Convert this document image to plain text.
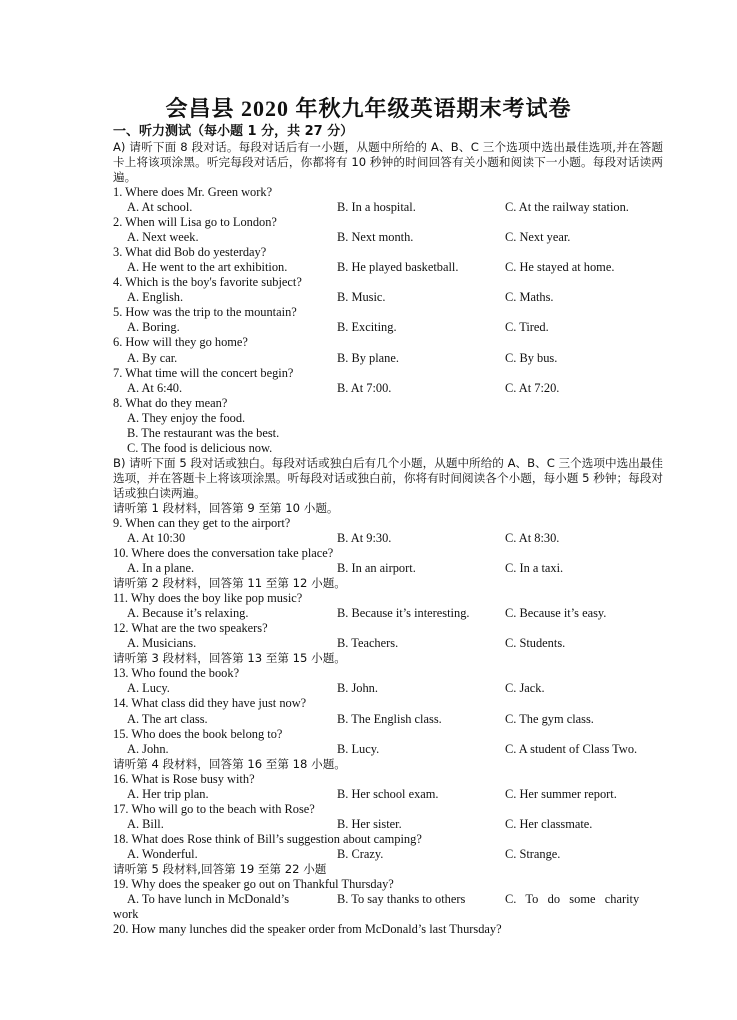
会昌县 2020 年秋九年级英语期末考试卷
一、听力测试（每小题 1 分，共 27 分）
A) 请听下面 8 段对话。每段对话后有一小题，从题中所给的 A、B、C 三个选项中选出最佳选项,并在答题卡上将该项涂黑。听完每段对话后，你都将有 10 秒钟的时间回答有关小题和阅读下一小题。每段对话读两遍。
1. Where does Mr. Green work?
A. At school.	B. In a hospital.	C. At the railway station.
2. When will Lisa go to London?
A. Next week.	B. Next month.	C. Next year.
3. What did Bob do yesterday?
A. He went to the art exhibition.	B. He played basketball.	C. He stayed at home.
4. Which is the boy's favorite subject?
A. English.	B. Music.	C. Maths.
5. How was the trip to the mountain?
A. Boring.	B. Exciting.	C. Tired.
6. How will they go home?
A. By car.	B. By plane.	C. By bus.
7. What time will the concert begin?
A. At 6:40.	B. At 7:00.	C. At 7:20.
8. What do they mean?
A. They enjoy the food.
B. The restaurant was the best.
C. The food is delicious now.
B) 请听下面 5 段对话或独白。每段对话或独白后有几个小题，从题中所给的 A、B、C 三个选项中选出最佳选项，并在答题卡上将该项涂黑。听每段对话或独白前，你将有时间阅读各个小题，每小题 5 秒钟；每段对话或独白读两遍。
请听第 1 段材料，回答第 9 至第 10 小题。
9. When can they get to the airport?
A. At 10:30	B. At 9:30.	C. At 8:30.
10. Where does the conversation take place?
A. In a plane.	B. In an airport.	C. In a taxi.
请听第 2 段材料，回答第 11 至第 12 小题。
11. Why does the boy like pop music?
A. Because it’s relaxing.	B. Because it’s interesting.	C. Because it’s easy.
12. What are the two speakers?
A. Musicians.	B. Teachers.	C. Students.
请听第 3 段材料，回答第 13 至第 15 小题。
13. Who found the book?
A. Lucy.	B. John.	C. Jack.
14. What class did they have just now?
A. The art class.	B. The English class.	C. The gym class.
15. Who does the book belong to?
A. John.	B. Lucy.	C. A student of Class Two.
请听第 4 段材料，回答第 16 至第 18 小题。
16. What is Rose busy with?
A. Her trip plan.	B. Her school exam.	C. Her summer report.
17. Who will go to the beach with Rose?
A. Bill.	B. Her sister.	C. Her classmate.
18. What does Rose think of Bill’s suggestion about camping?
A. Wonderful.	B. Crazy.	C. Strange.
请听第 5 段材料,回答第 19 至第 22 小题
19. Why does the speaker go out on Thankful Thursday?
A. To have lunch in McDonald’s	B. To say thanks to others	C.   To   do   some   charity
work
20. How many lunches did the speaker order from McDonald’s last Thursday?
